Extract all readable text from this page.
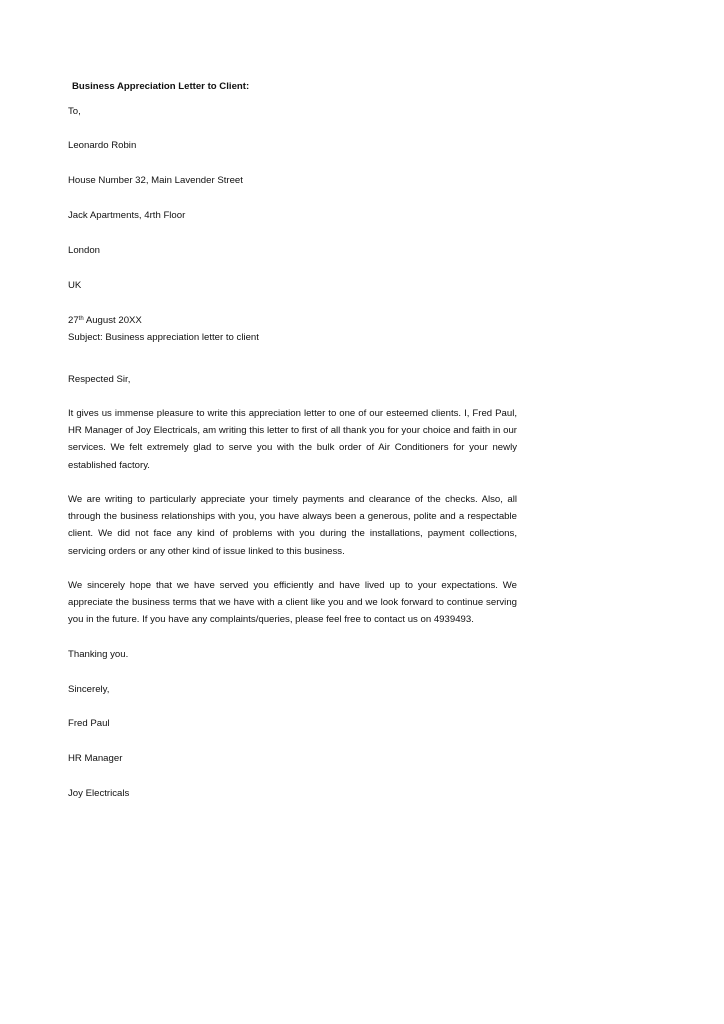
Business Appreciation Letter to Client:
To,
Leonardo Robin
House Number 32, Main Lavender Street
Jack Apartments, 4rth Floor
London
UK
27th August 20XX
Subject: Business appreciation letter to client
Respected Sir,
It gives us immense pleasure to write this appreciation letter to one of our esteemed clients. I, Fred Paul, HR Manager of Joy Electricals, am writing this letter to first of all thank you for your choice and faith in our services. We felt extremely glad to serve you with the bulk order of Air Conditioners for your newly established factory.
We are writing to particularly appreciate your timely payments and clearance of the checks. Also, all through the business relationships with you, you have always been a generous, polite and a respectable client. We did not face any kind of problems with you during the installations, payment collections, servicing orders or any other kind of issue linked to this business.
We sincerely hope that we have served you efficiently and have lived up to your expectations. We appreciate the business terms that we have with a client like you and we look forward to continue serving you in the future. If you have any complaints/queries, please feel free to contact us on 4939493.
Thanking you.
Sincerely,
Fred Paul
HR Manager
Joy Electricals
